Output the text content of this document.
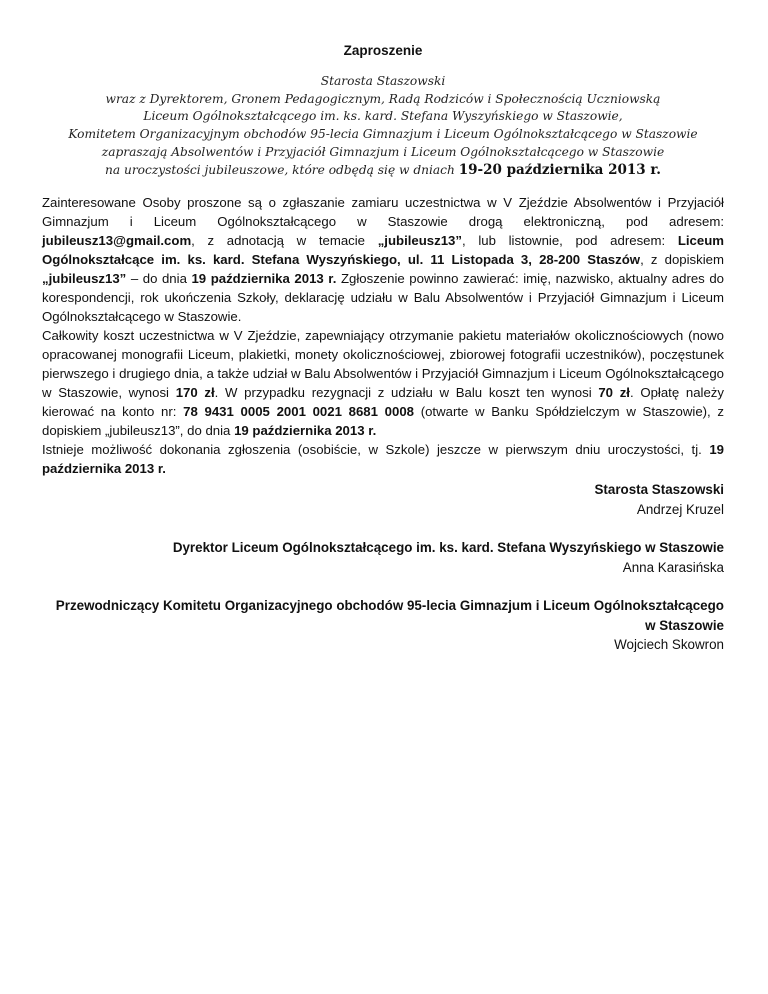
Zaproszenie
Starosta Staszowski
wraz z Dyrektorem, Gronem Pedagogicznym, Radą Rodziców i Społecznością Uczniowską
Liceum Ogólnokształcącego im. ks. kard. Stefana Wyszyńskiego w Staszowie,
Komitetem Organizacyjnym obchodów 95-lecia Gimnazjum i Liceum Ogólnokształcącego w Staszowie
zapraszają Absolwentów i Przyjaciół Gimnazjum i Liceum Ogólnokształcącego w Staszowie
na uroczystości jubileuszowe, które odbędą się w dniach 19-20 października 2013 r.

Zainteresowane Osoby proszone są o zgłaszanie zamiaru uczestnictwa w V Zjeździe Absolwentów i Przyjaciół Gimnazjum i Liceum Ogólnokształcącego w Staszowie drogą elektroniczną, pod adresem: jubileusz13@gmail.com, z adnotacją w temacie „jubileusz13”, lub listownie, pod adresem: Liceum Ogólnokształcące im. ks. kard. Stefana Wyszyńskiego, ul. 11 Listopada 3, 28-200 Staszów, z dopiskiem „jubileusz13” – do dnia 19 października 2013 r. Zgłoszenie powinno zawierać: imię, nazwisko, aktualny adres do korespondencji, rok ukończenia Szkoły, deklarację udziału w Balu Absolwentów i Przyjaciół Gimnazjum i Liceum Ogólnokształcącego w Staszowie.

Całkowity koszt uczestnictwa w V Zjeździe, zapewniający otrzymanie pakietu materiałów okolicznościowych (nowo opracowanej monografii Liceum, plakietki, monety okolicznościowej, zbiorowej fotografii uczestników), poczęstunek pierwszego i drugiego dnia, a także udział w Balu Absolwentów i Przyjaciół Gimnazjum i Liceum Ogólnokształcącego w Staszowie, wynosi 170 zł. W przypadku rezygnacji z udziału w Balu koszt ten wynosi 70 zł. Opłatę należy kierować na konto nr: 78 9431 0005 2001 0021 8681 0008 (otwarte w Banku Spółdzielczym w Staszowie), z dopiskiem „jubileusz13”, do dnia 19 października 2013 r.

Istnieje możliwość dokonania zgłoszenia (osobiście, w Szkole) jeszcze w pierwszym dniu uroczystości, tj. 19 października 2013 r.

Starosta Staszowski
Andrzej Kruzel
Dyrektor Liceum Ogólnokształcącego im. ks. kard. Stefana Wyszyńskiego w Staszowie
Anna Karasińska
Przewodniczący Komitetu Organizacyjnego obchodów 95-lecia Gimnazjum i Liceum Ogólnokształcącego
w Staszowie
Wojciech Skowron
